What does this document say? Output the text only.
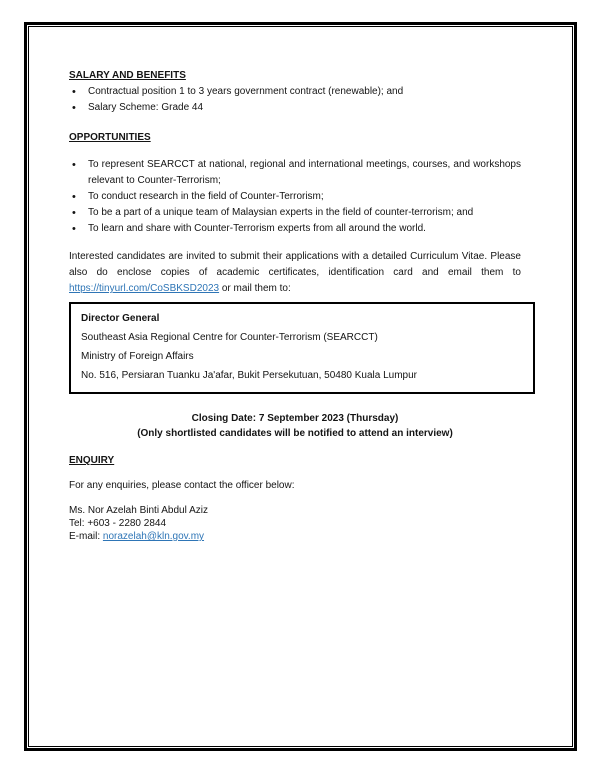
SALARY AND BENEFITS
•
Contractual position 1 to 3 years government contract (renewable); and
•
Salary Scheme: Grade 44
OPPORTUNITIES
•
To represent SEARCCT at national, regional and international meetings, courses, and workshops relevant to Counter-Terrorism;
•
To conduct research in the field of Counter-Terrorism;
•
To be a part of a unique team of Malaysian experts in the field of counter-terrorism; and
•
To learn and share with Counter-Terrorism experts from all around the world.

Interested candidates are invited to submit their applications with a detailed Curriculum Vitae. Please also do enclose copies of academic certificates, identification card and email them to https://tinyurl.com/CoSBKSD2023 or mail them to:

Director General

Southeast Asia Regional Centre for Counter-Terrorism (SEARCCT)

Ministry of Foreign Affairs

No. 516, Persiaran Tuanku Ja'afar, Bukit Persekutuan, 50480 Kuala Lumpur

Closing Date: 7 September 2023 (Thursday)

(Only shortlisted candidates will be notified to attend an interview)

ENQUIRY

For any enquiries, please contact the officer below:

Ms. Nor Azelah Binti Abdul Aziz

Tel: +603 - 2280 2844

E-mail: norazelah@kln.gov.my
